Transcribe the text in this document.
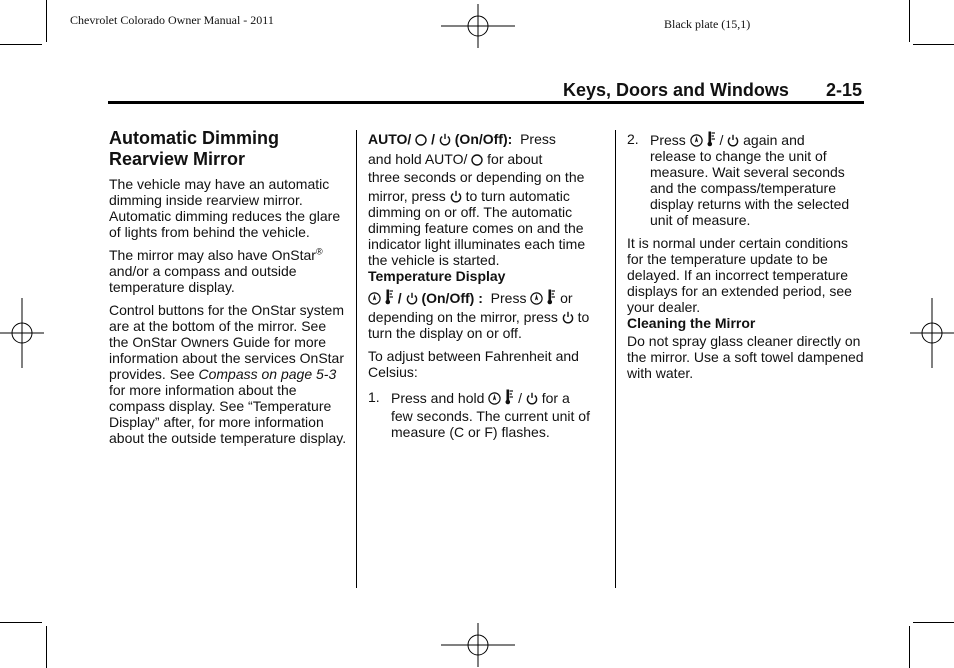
Chevrolet Colorado Owner Manual - 2011	Black plate (15,1)
Keys, Doors and Windows 2-15
Automatic Dimming
Rearview Mirror

The vehicle may have an automatic dimming inside rearview mirror. Automatic dimming reduces the glare of lights from behind the vehicle.

The mirror may also have OnStar® and/or a compass and outside temperature display.

Control buttons for the OnStar system are at the bottom of the mirror. See the OnStar Owners Guide for more information about the services OnStar provides. See Compass on page 5-3 for more information about the compass display. See “Temperature Display” after, for more information about the outside temperature display.

AUTO/ / (On/Off): Press

and hold AUTO/ for about

three seconds or depending on the

mirror, press to turn automatic

dimming on or off. The automatic dimming feature comes on and the indicator light illuminates each time the vehicle is started.

Temperature Display

/ (On/Off) : Press
or

depending on the mirror, press to

turn the display on or off.

To adjust between Fahrenheit and Celsius:

1. Press and hold
/ for a

few seconds. The current unit of measure (C or F) flashes.

2. Press
/ again and

release to change the unit of measure. Wait several seconds and the compass/temperature display returns with the selected unit of measure.

It is normal under certain conditions for the temperature update to be delayed. If an incorrect temperature displays for an extended period, see your dealer.

Cleaning the Mirror

Do not spray glass cleaner directly on the mirror. Use a soft towel dampened with water.
